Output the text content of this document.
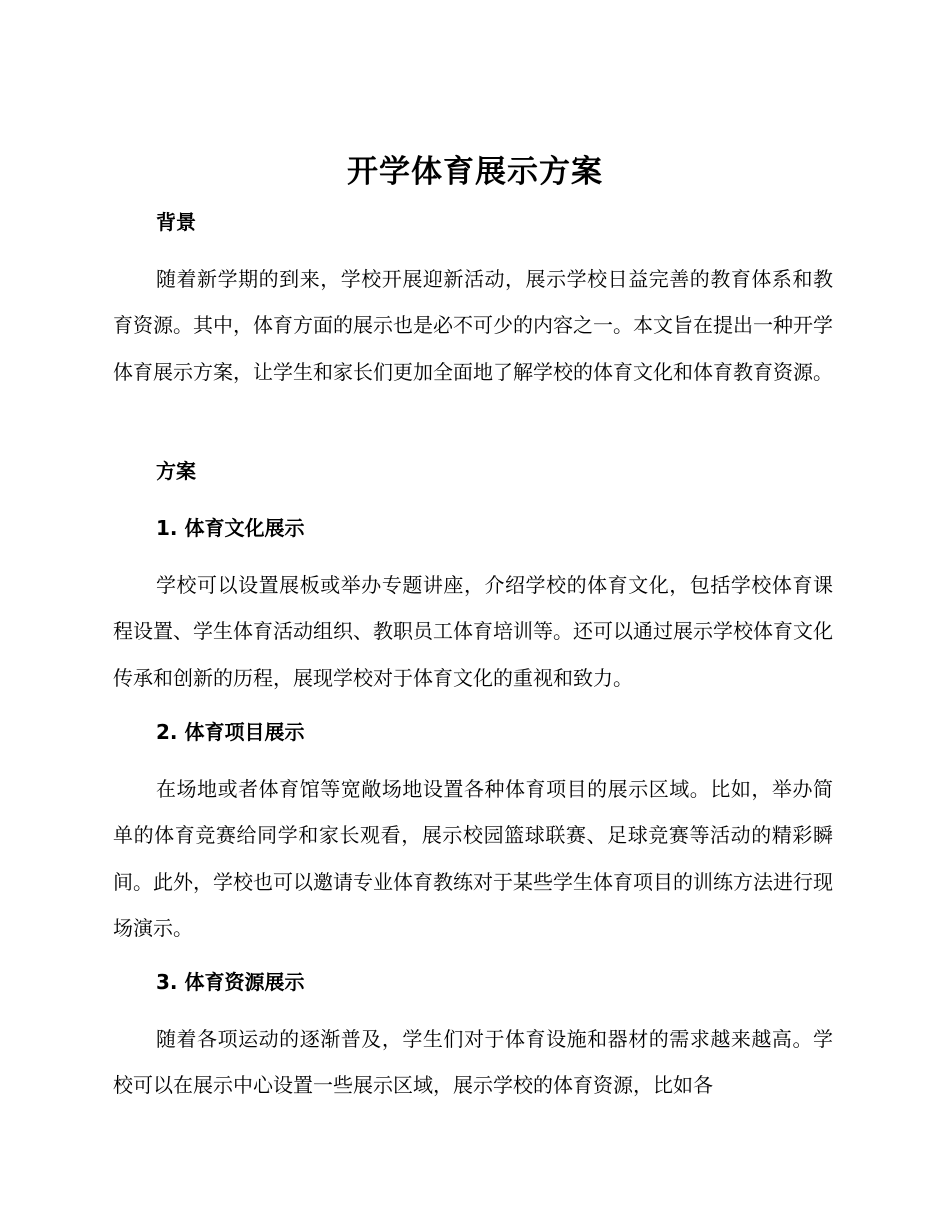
开学体育展示方案
背景

随着新学期的到来，学校开展迎新活动，展示学校日益完善的教育体系和教育资源。其中，体育方面的展示也是必不可少的内容之一。本文旨在提出一种开学体育展示方案，让学生和家长们更加全面地了解学校的体育文化和体育教育资源。

方案
1. 体育文化展示

学校可以设置展板或举办专题讲座，介绍学校的体育文化，包括学校体育课程设置、学生体育活动组织、教职员工体育培训等。还可以通过展示学校体育文化传承和创新的历程，展现学校对于体育文化的重视和致力。

2. 体育项目展示

在场地或者体育馆等宽敞场地设置各种体育项目的展示区域。比如，举办简单的体育竞赛给同学和家长观看，展示校园篮球联赛、足球竞赛等活动的精彩瞬间。此外，学校也可以邀请专业体育教练对于某些学生体育项目的训练方法进行现场演示。

3. 体育资源展示

随着各项运动的逐渐普及，学生们对于体育设施和器材的需求越来越高。学校可以在展示中心设置一些展示区域，展示学校的体育资源，比如各
